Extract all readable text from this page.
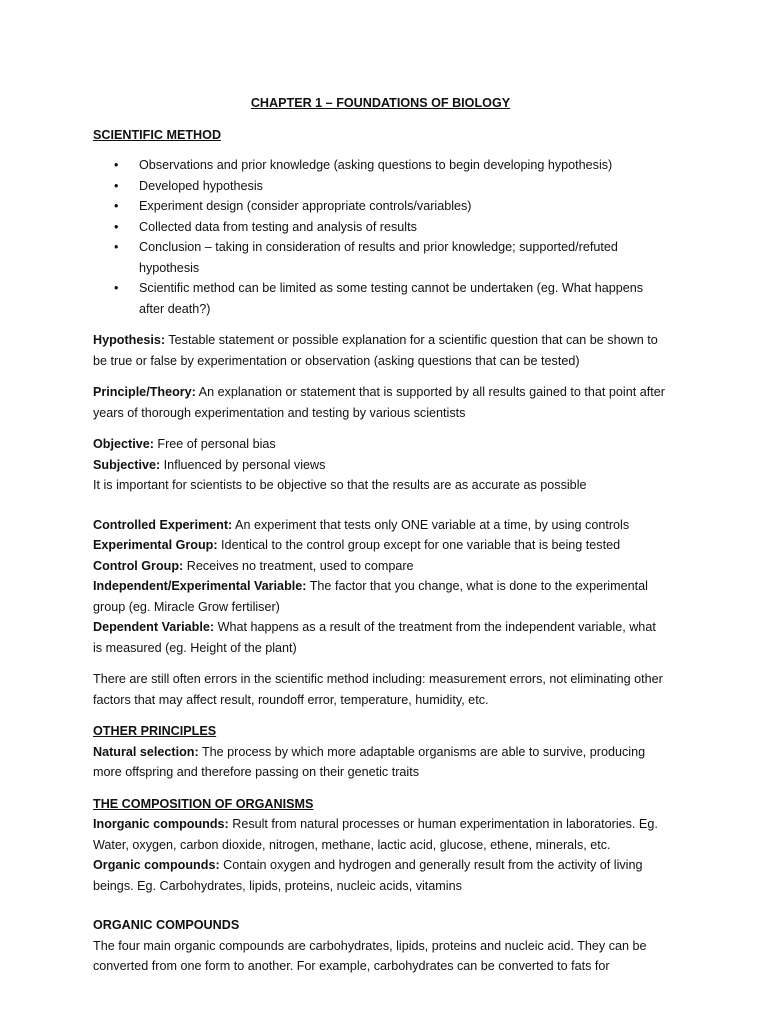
CHAPTER 1 – FOUNDATIONS OF BIOLOGY

SCIENTIFIC METHOD

• Observations and prior knowledge (asking questions to begin developing hypothesis)
• Developed hypothesis
• Experiment design (consider appropriate controls/variables)
• Collected data from testing and analysis of results
• Conclusion – taking in consideration of results and prior knowledge; supported/refuted hypothesis
• Scientific method can be limited as some testing cannot be undertaken (eg. What happens after death?)

Hypothesis: Testable statement or possible explanation for a scientific question that can be shown to be true or false by experimentation or observation (asking questions that can be tested)

Principle/Theory: An explanation or statement that is supported by all results gained to that point after years of thorough experimentation and testing by various scientists

Objective: Free of personal bias

Subjective: Influenced by personal views

It is important for scientists to be objective so that the results are as accurate as possible

Controlled Experiment: An experiment that tests only ONE variable at a time, by using controls

Experimental Group: Identical to the control group except for one variable that is being tested

Control Group: Receives no treatment, used to compare

Independent/Experimental Variable: The factor that you change, what is done to the experimental group (eg. Miracle Grow fertiliser)

Dependent Variable: What happens as a result of the treatment from the independent variable, what is measured (eg. Height of the plant)

There are still often errors in the scientific method including: measurement errors, not eliminating other factors that may affect result, roundoff error, temperature, humidity, etc.

OTHER PRINCIPLES

Natural selection: The process by which more adaptable organisms are able to survive, producing more offspring and therefore passing on their genetic traits

THE COMPOSITION OF ORGANISMS

Inorganic compounds: Result from natural processes or human experimentation in laboratories. Eg. Water, oxygen, carbon dioxide, nitrogen, methane, lactic acid, glucose, ethene, minerals, etc.

Organic compounds: Contain oxygen and hydrogen and generally result from the activity of living beings. Eg. Carbohydrates, lipids, proteins, nucleic acids, vitamins

ORGANIC COMPOUNDS

The four main organic compounds are carbohydrates, lipids, proteins and nucleic acid. They can be converted from one form to another. For example, carbohydrates can be converted to fats for
